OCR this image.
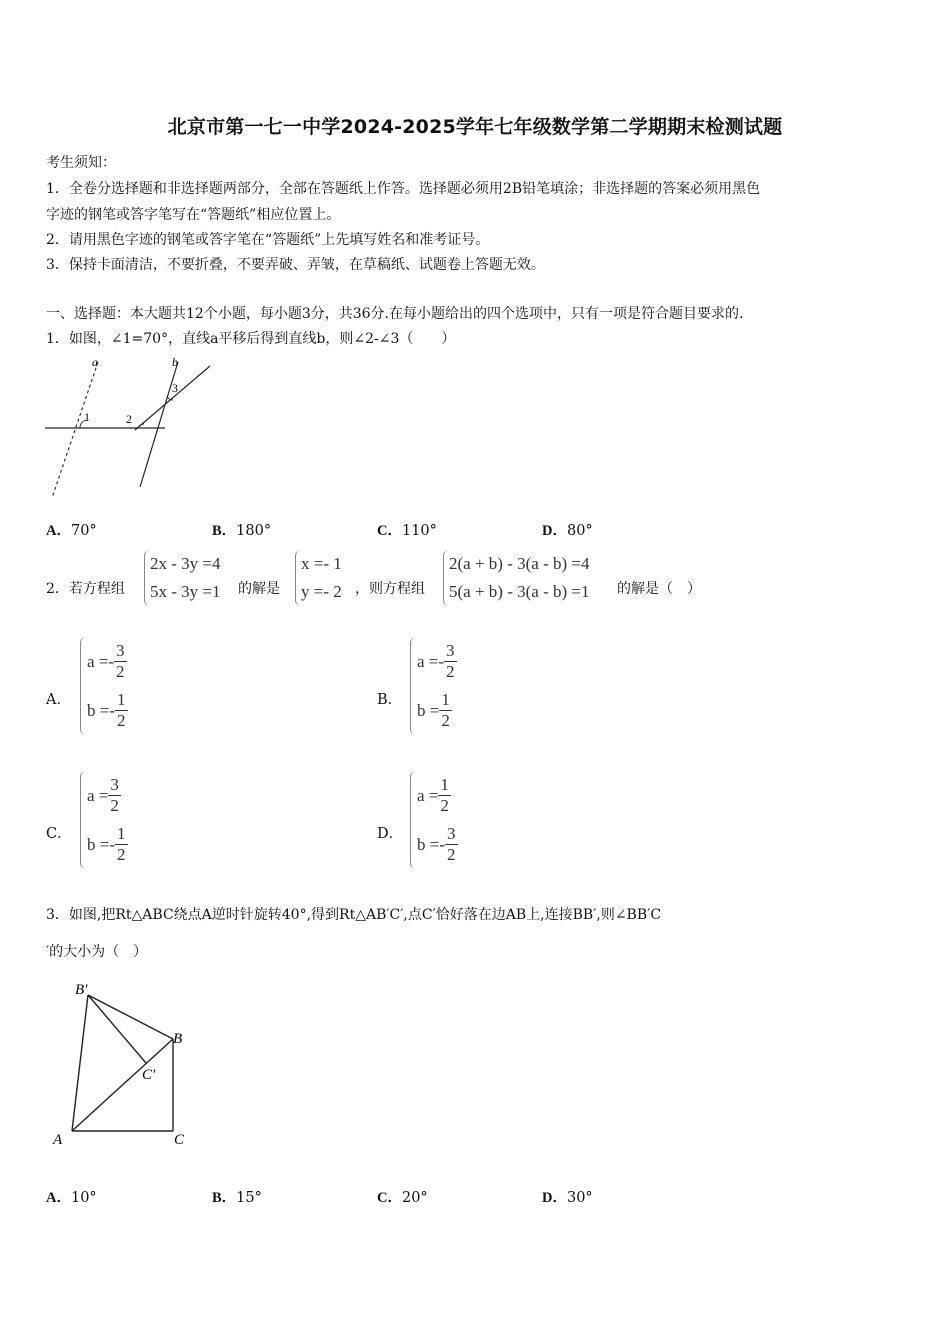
北京市第一七一中学2024-2025学年七年级数学第二学期期末检测试题
考生须知：
1．全卷分选择题和非选择题两部分，全部在答题纸上作答。选择题必须用2B铅笔填涂；非选择题的答案必须用黑色
字迹的钢笔或答字笔写在“答题纸”相应位置上。
2．请用黑色字迹的钢笔或答字笔在“答题纸”上先填写姓名和准考证号。
3．保持卡面清洁，不要折叠，不要弄破、弄皱，在草稿纸、试题卷上答题无效。
一、选择题：本大题共12个小题，每小题3分，共36分.在每小题给出的四个选项中，只有一项是符合题目要求的.
1．如图，∠1=70°，直线a平移后得到直线b，则∠2-∠3（　　）
a	b
1	2
3
A．70°	B．180°	C．110°	D．80°
2．若方程组
2x - 3y =4
5x - 3y =1 的解是
x =- 1
y =- 2 ，则方程组
2(a + b) - 3(a - b) =4
5(a + b) - 3(a - b) =1 的解是（　）
A．
$a =- \frac{3}{2}$
$b =- \frac{1}{2}$	B．
$a =- \frac{3}{2}$
$b = \frac{1}{2}$
C．
$a = \frac{3}{2}$
$b =- \frac{1}{2}$	D．
$a = \frac{1}{2}$
$b =- \frac{3}{2}$
3．如图,把Rt△ABC绕点A逆时针旋转40°,得到Rt△AB′C′,点C′恰好落在边AB上,连接BB′,则∠BB′C
′的大小为（　）
B′
B
C′
A	C
A．10°	B．15°	C．20°	D．30°
